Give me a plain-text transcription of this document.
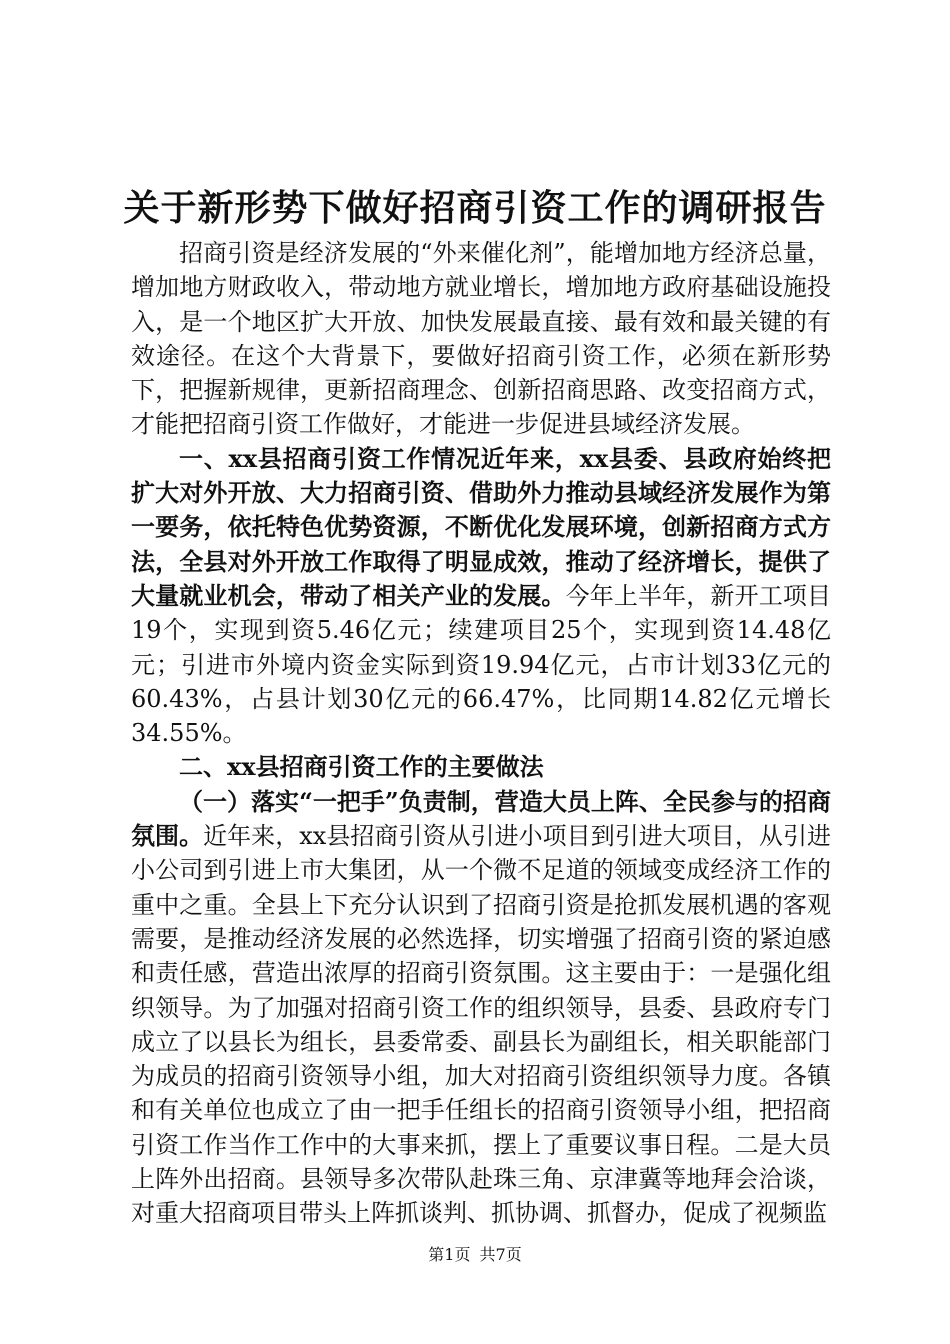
关于新形势下做好招商引资工作的调研报告

招商引资是经济发展的“外来催化剂”，能增加地方经济总量，增加地方财政收入，带动地方就业增长，增加地方政府基础设施投入，是一个地区扩大开放、加快发展最直接、最有效和最关键的有效途径。在这个大背景下，要做好招商引资工作，必须在新形势下，把握新规律，更新招商理念、创新招商思路、改变招商方式，才能把招商引资工作做好，才能进一步促进县域经济发展。

一、xx县招商引资工作情况近年来，xx县委、县政府始终把扩大对外开放、大力招商引资、借助外力推动县域经济发展作为第一要务，依托特色优势资源，不断优化发展环境，创新招商方式方法，全县对外开放工作取得了明显成效，推动了经济增长，提供了大量就业机会，带动了相关产业的发展。今年上半年，新开工项目19个，实现到资5.46亿元；续建项目25个，实现到资14.48亿元；引进市外境内资金实际到资19.94亿元，占市计划33亿元的60.43%，占县计划30亿元的66.47%，比同期14.82亿元增长34.55%。

二、xx县招商引资工作的主要做法

（一）落实“一把手”负责制，营造大员上阵、全民参与的招商氛围。近年来，xx县招商引资从引进小项目到引进大项目，从引进小公司到引进上市大集团，从一个微不足道的领域变成经济工作的重中之重。全县上下充分认识到了招商引资是抢抓发展机遇的客观需要，是推动经济发展的必然选择，切实增强了招商引资的紧迫感和责任感，营造出浓厚的招商引资氛围。这主要由于：一是强化组织领导。为了加强对招商引资工作的组织领导，县委、县政府专门成立了以县长为组长，县委常委、副县长为副组长，相关职能部门为成员的招商引资领导小组，加大对招商引资组织领导力度。各镇和有关单位也成立了由一把手任组长的招商引资领导小组，把招商引资工作当作工作中的大事来抓，摆上了重要议事日程。二是大员上阵外出招商。县领导多次带队赴珠三角、京津冀等地拜会洽谈，对重大招商项目带头上阵抓谈判、抓协调、抓督办，促成了视频监

第1页 共7页
